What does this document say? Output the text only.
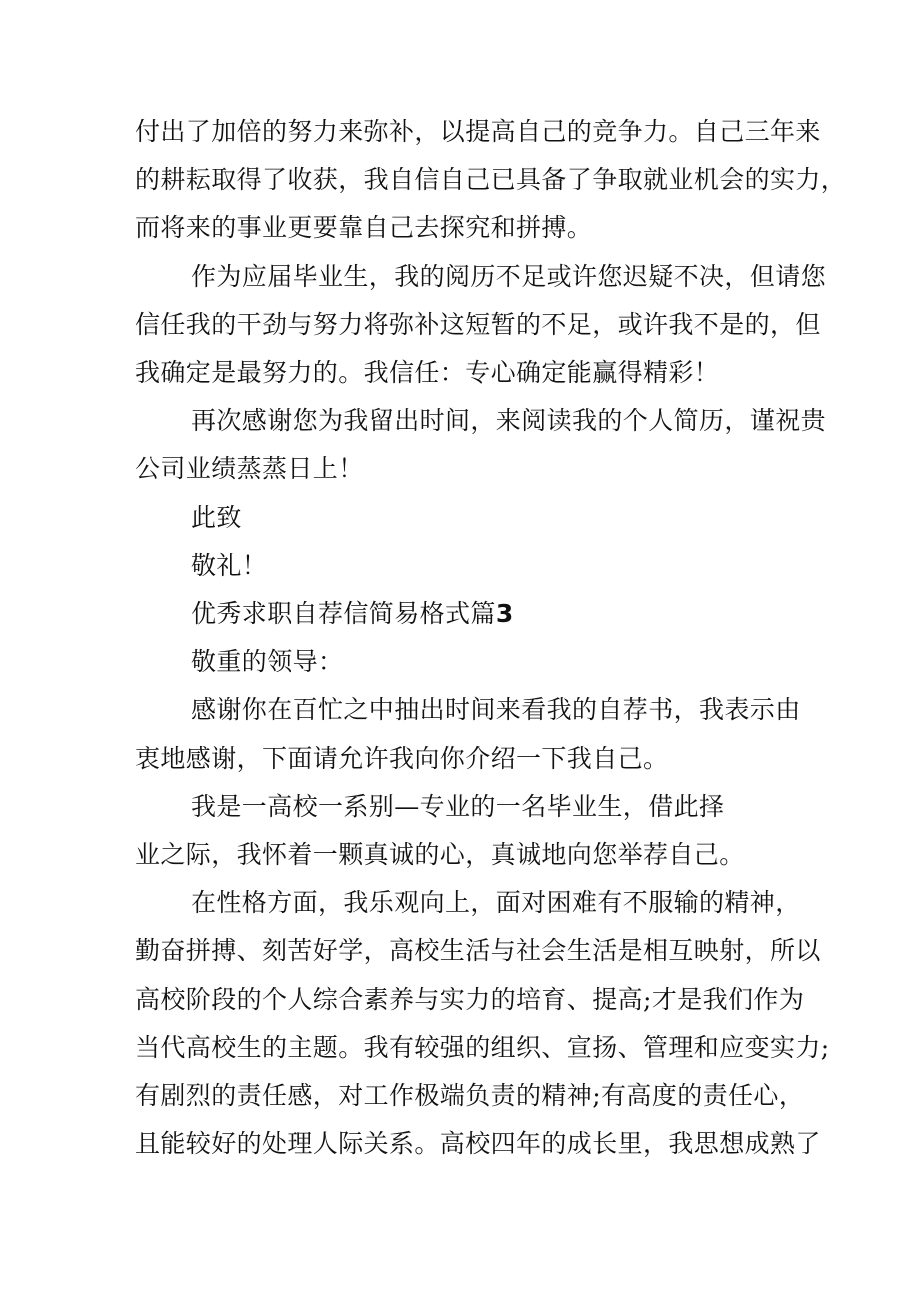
付出了加倍的努力来弥补，以提高自己的竞争力。自己三年来
的耕耘取得了收获，我自信自己已具备了争取就业机会的实力，
而将来的事业更要靠自己去探究和拼搏。
作为应届毕业生，我的阅历不足或许您迟疑不决，但请您
信任我的干劲与努力将弥补这短暂的不足，或许我不是的，但
我确定是最努力的。我信任：专心确定能赢得精彩！
再次感谢您为我留出时间，来阅读我的个人简历，谨祝贵
公司业绩蒸蒸日上！
此致
敬礼！
优秀求职自荐信简易格式篇3
敬重的领导：
感谢你在百忙之中抽出时间来看我的自荐书，我表示由
衷地感谢，下面请允许我向你介绍一下我自己。
我是一高校一系别—专业的一名毕业生，借此择
业之际，我怀着一颗真诚的心，真诚地向您举荐自己。
在性格方面，我乐观向上，面对困难有不服输的精神，
勤奋拼搏、刻苦好学，高校生活与社会生活是相互映射，所以
高校阶段的个人综合素养与实力的培育、提高;才是我们作为
当代高校生的主题。我有较强的组织、宣扬、管理和应变实力;
有剧烈的责任感，对工作极端负责的精神;有高度的责任心，
且能较好的处理人际关系。高校四年的成长里，我思想成熟了
